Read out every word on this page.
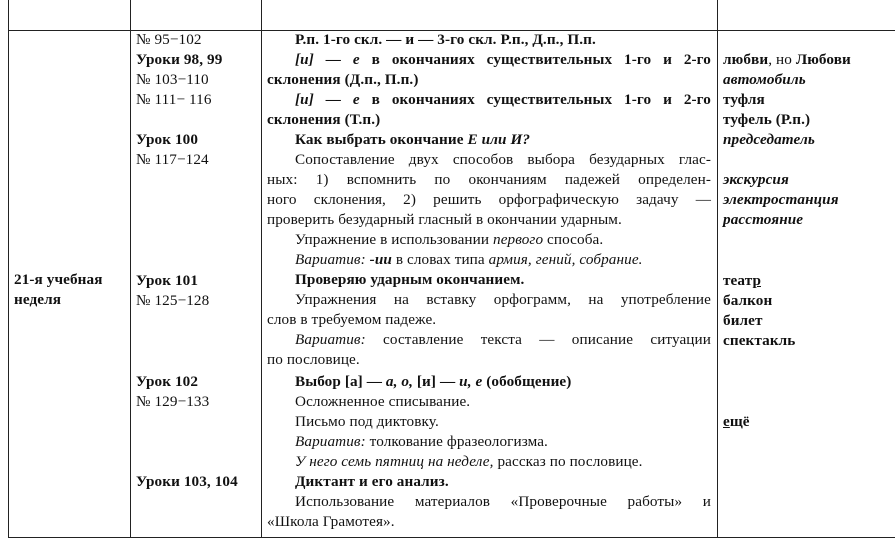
21-я учебная
неделя
№ 95−102
Уроки 98, 99
№ 103−110
№ 111− 116
Урок 100
№ 117−124
Урок 101
№ 125−128
Урок 102
№ 129−133
Уроки 103, 104
Р.п. 1-го скл. — и — 3-го скл. Р.п., Д.п., П.п.
[и] — е в окончаниях существительных 1-го и 2-го
склонения (Д.п., П.п.)
[и] — е в окончаниях существительных 1-го и 2-го
склонения (Т.п.)
Как выбрать окончание Е или И?
Сопоставление двух способов выбора безударных глас-
ных: 1) вспомнить по окончаниям падежей определен-
ного склонения, 2) решить орфографическую задачу —
проверить безударный гласный в окончании ударным.
Упражнение в использовании первого способа.
Вариатив: -ии в словах типа армия, гений, собрание.
Проверяю ударным окончанием.
Упражнения на вставку орфограмм, на употребление
слов в требуемом падеже.
Вариатив: составление текста — описание ситуации
по пословице.
Выбор [а] — а, о, [и] — и, е (обобщение)
Осложненное списывание.
Письмо под диктовку.
Вариатив: толкование фразеологизма.
У него семь пятниц на неделе, рассказ по пословице.
Диктант и его анализ.
Использование материалов «Проверочные работы» и
«Школа Грамотея».
любви, но Любови
автомобиль
туфля
туфель (Р.п.)
председатель
экскурсия
электростанция
расстояние
театр
балкон
билет
спектакль
ещё
